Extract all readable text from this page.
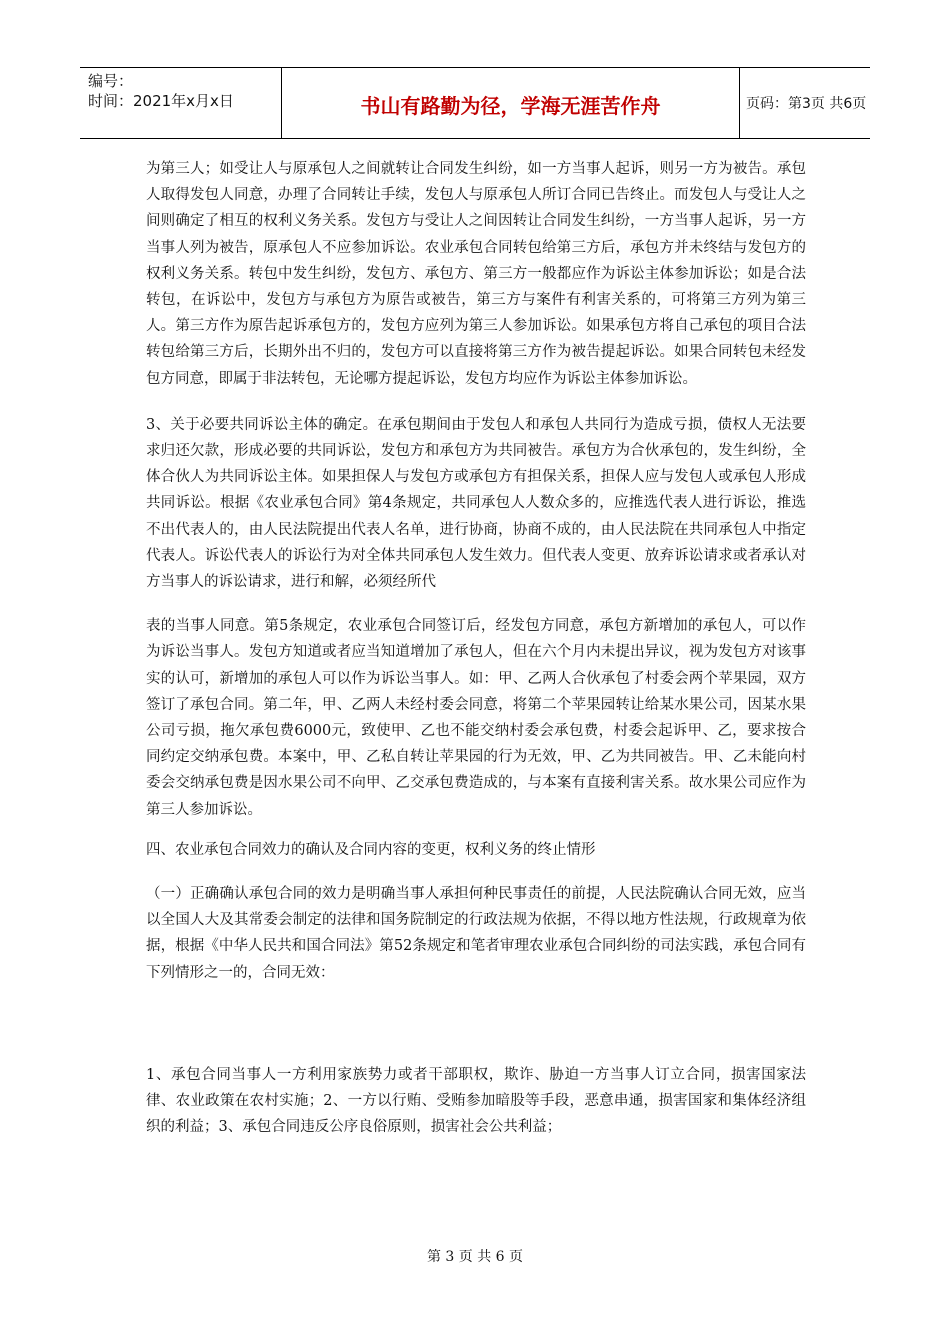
编号：
时间：2021年x月x日	书山有路勤为径，学海无涯苦作舟	页码：第3页 共6页

为第三人；如受让人与原承包人之间就转让合同发生纠纷，如一方当事人起诉，则另一方为被告。承包人取得发包人同意，办理了合同转让手续，发包人与原承包人所订合同已告终止。而发包人与受让人之间则确定了相互的权利义务关系。发包方与受让人之间因转让合同发生纠纷，一方当事人起诉，另一方当事人列为被告，原承包人不应参加诉讼。农业承包合同转包给第三方后，承包方并未终结与发包方的权利义务关系。转包中发生纠纷，发包方、承包方、第三方一般都应作为诉讼主体参加诉讼；如是合法转包，在诉讼中，发包方与承包方为原告或被告，第三方与案件有利害关系的，可将第三方列为第三人。第三方作为原告起诉承包方的，发包方应列为第三人参加诉讼。如果承包方将自己承包的项目合法转包给第三方后，长期外出不归的，发包方可以直接将第三方作为被告提起诉讼。如果合同转包未经发包方同意，即属于非法转包，无论哪方提起诉讼，发包方均应作为诉讼主体参加诉讼。

3、关于必要共同诉讼主体的确定。在承包期间由于发包人和承包人共同行为造成亏损，债权人无法要求归还欠款，形成必要的共同诉讼，发包方和承包方为共同被告。承包方为合伙承包的，发生纠纷，全体合伙人为共同诉讼主体。如果担保人与发包方或承包方有担保关系，担保人应与发包人或承包人形成共同诉讼。根据《农业承包合同》第4条规定，共同承包人人数众多的，应推选代表人进行诉讼，推选不出代表人的，由人民法院提出代表人名单，进行协商，协商不成的，由人民法院在共同承包人中指定代表人。诉讼代表人的诉讼行为对全体共同承包人发生效力。但代表人变更、放弃诉讼请求或者承认对方当事人的诉讼请求，进行和解，必须经所代

表的当事人同意。第5条规定，农业承包合同签订后，经发包方同意，承包方新增加的承包人，可以作为诉讼当事人。发包方知道或者应当知道增加了承包人，但在六个月内未提出异议，视为发包方对该事实的认可，新增加的承包人可以作为诉讼当事人。如：甲、乙两人合伙承包了村委会两个苹果园，双方签订了承包合同。第二年，甲、乙两人未经村委会同意，将第二个苹果园转让给某水果公司，因某水果公司亏损，拖欠承包费6000元，致使甲、乙也不能交纳村委会承包费，村委会起诉甲、乙，要求按合同约定交纳承包费。本案中，甲、乙私自转让苹果园的行为无效，甲、乙为共同被告。甲、乙未能向村委会交纳承包费是因水果公司不向甲、乙交承包费造成的，与本案有直接利害关系。故水果公司应作为第三人参加诉讼。

四、农业承包合同效力的确认及合同内容的变更，权利义务的终止情形

（一）正确确认承包合同的效力是明确当事人承担何种民事责任的前提，人民法院确认合同无效，应当以全国人大及其常委会制定的法律和国务院制定的行政法规为依据，不得以地方性法规，行政规章为依据，根据《中华人民共和国合同法》第52条规定和笔者审理农业承包合同纠纷的司法实践，承包合同有下列情形之一的，合同无效：

1、承包合同当事人一方利用家族势力或者干部职权，欺诈、胁迫一方当事人订立合同，损害国家法律、农业政策在农村实施；2、一方以行贿、受贿参加暗股等手段，恶意串通，损害国家和集体经济组织的利益；3、承包合同违反公序良俗原则，损害社会公共利益；

第 3 页 共 6 页
